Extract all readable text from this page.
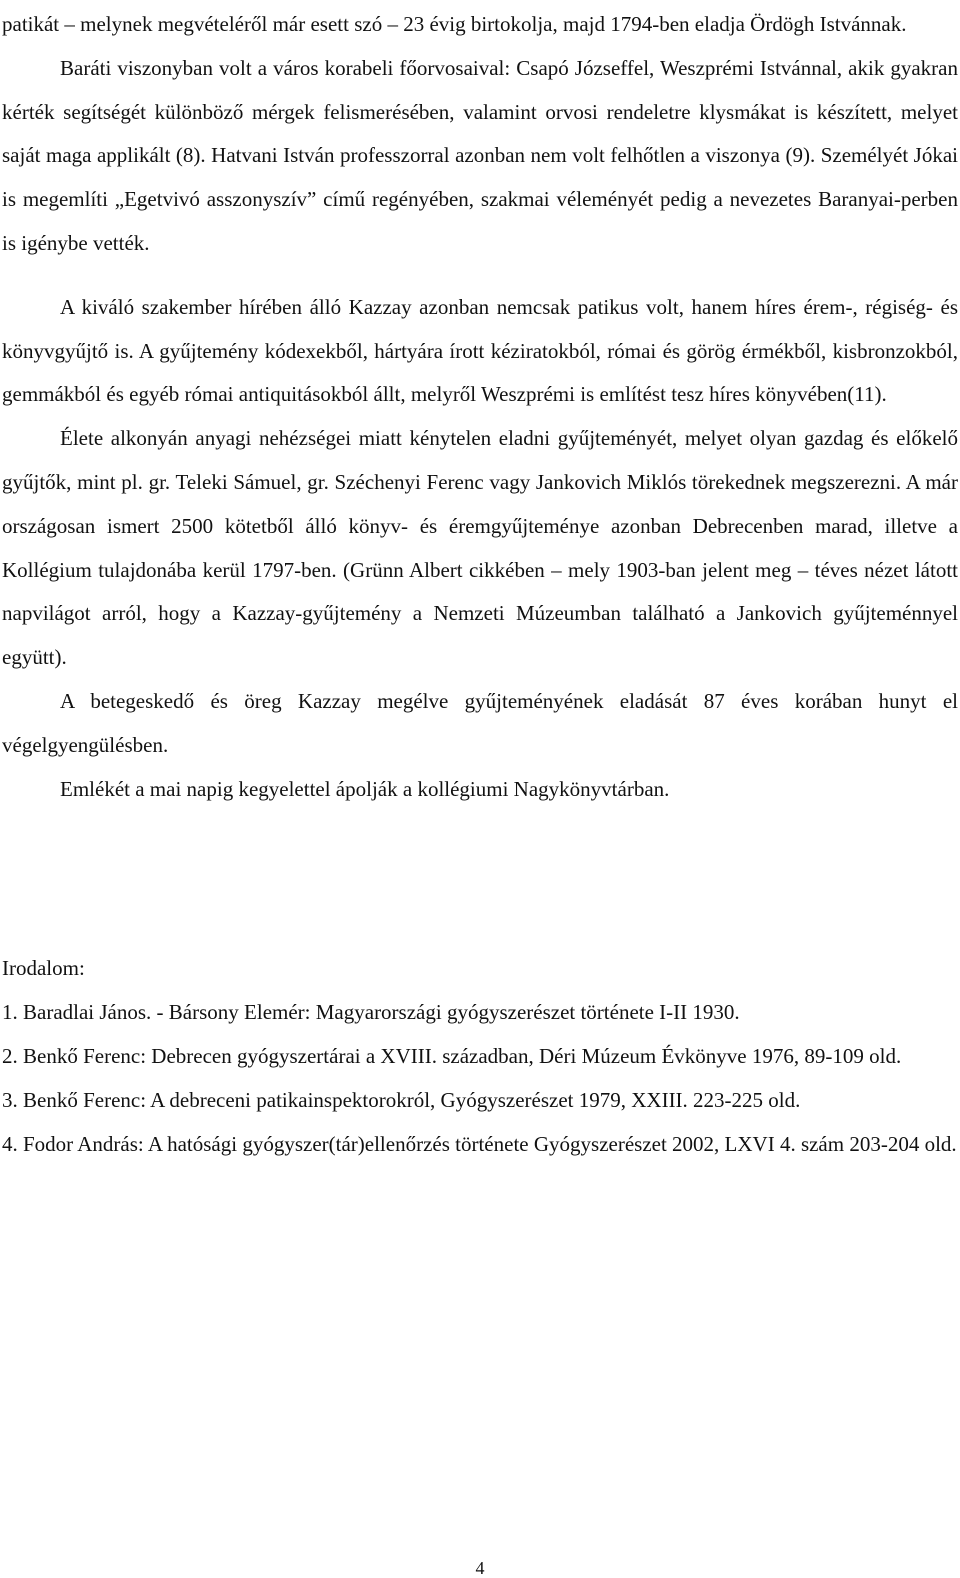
patikát – melynek megvételéről már esett szó – 23 évig birtokolja, majd 1794-ben eladja Ördögh Istvánnak.

Baráti viszonyban volt a város korabeli főorvosaival: Csapó Józseffel, Weszprémi Istvánnal, akik gyakran kérték segítségét különböző mérgek felismerésében, valamint orvosi rendeletre klysmákat is készített, melyet saját maga applikált (8). Hatvani István professzorral azonban nem volt felhőtlen a viszonya (9). Személyét Jókai is megemlíti „Egetvivó asszonyszív” című regényében, szakmai véleményét pedig a nevezetes Baranyai-perben is igénybe vették.

A kiváló szakember hírében álló Kazzay azonban nemcsak patikus volt, hanem híres érem-, régiség- és könyvgyűjtő is. A gyűjtemény kódexekből, hártyára írott kéziratokból, római és görög érmékből, kisbronzokból, gemmákból és egyéb római antiquitásokból állt, melyről Weszprémi is említést tesz híres könyvében(11).

Élete alkonyán anyagi nehézségei miatt kénytelen eladni gyűjteményét, melyet olyan gazdag és előkelő gyűjtők, mint pl. gr. Teleki Sámuel, gr. Széchenyi Ferenc vagy Jankovich Miklós törekednek megszerezni. A már országosan ismert 2500 kötetből álló könyv- és éremgyűjteménye azonban Debrecenben marad, illetve a Kollégium tulajdonába kerül 1797-ben. (Grünn Albert cikkében – mely 1903-ban jelent meg – téves nézet látott napvilágot arról, hogy a Kazzay-gyűjtemény a Nemzeti Múzeumban található a Jankovich gyűjteménnyel együtt).

A betegeskedő és öreg Kazzay megélve gyűjteményének eladását 87 éves korában hunyt el végelgyengülésben.

Emlékét a mai napig kegyelettel ápolják a kollégiumi Nagykönyvtárban.

Irodalom:

1. Baradlai János. - Bársony Elemér: Magyarországi gyógyszerészet története I-II 1930.

2. Benkő Ferenc: Debrecen gyógyszertárai a XVIII. században, Déri Múzeum Évkönyve 1976, 89-109 old.

3. Benkő Ferenc: A debreceni patikainspektorokról, Gyógyszerészet 1979, XXIII. 223-225 old.

4. Fodor András: A hatósági gyógyszer(tár)ellenőrzés története Gyógyszerészet 2002, LXVI 4. szám 203-204 old.

4
